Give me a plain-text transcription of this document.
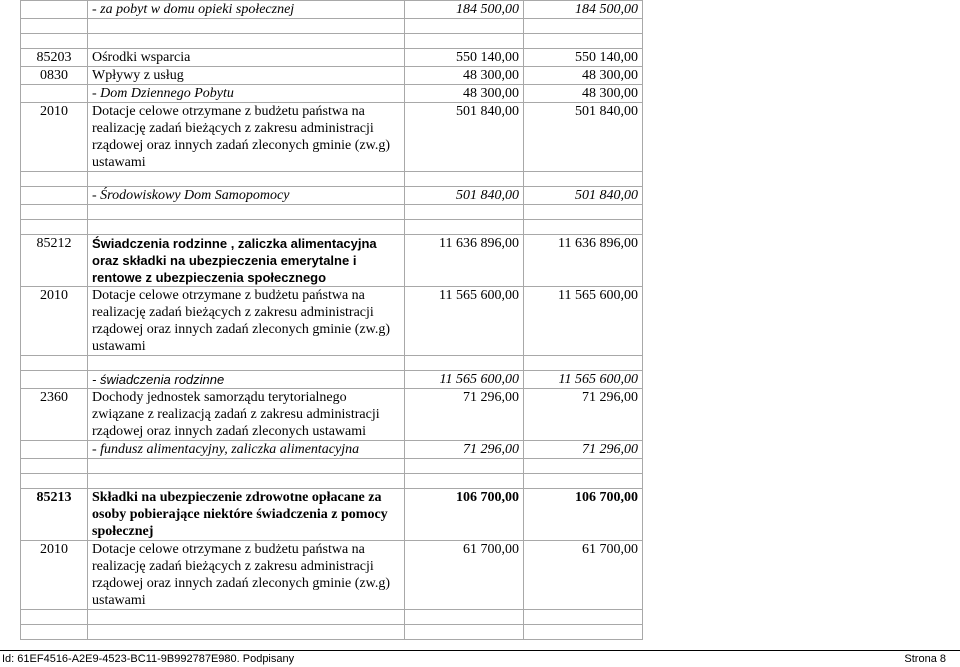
	- za pobyt w domu opieki społecznej	184 500,00	184 500,00

85203	Ośrodki wsparcia	550 140,00	550 140,00
0830	Wpływy z usług	48 300,00	48 300,00
	- Dom Dziennego Pobytu	48 300,00	48 300,00
2010	Dotacje celowe otrzymane z budżetu państwa na realizację zadań bieżących z zakresu administracji rządowej oraz innych zadań zleconych gminie (zw.g) ustawami	501 840,00	501 840,00

	- Środowiskowy Dom Samopomocy	501 840,00	501 840,00

85212	Świadczenia rodzinne , zaliczka alimentacyjna oraz składki na ubezpieczenia emerytalne i rentowe z ubezpieczenia społecznego	11 636 896,00	11 636 896,00
2010	Dotacje celowe otrzymane z budżetu państwa na realizację zadań bieżących z zakresu administracji rządowej oraz innych zadań zleconych gminie (zw.g) ustawami	11 565 600,00	11 565 600,00

	- świadczenia rodzinne	11 565 600,00	11 565 600,00
2360	Dochody jednostek samorządu terytorialnego związane z realizacją zadań z zakresu administracji rządowej oraz innych zadań zleconych ustawami	71 296,00	71 296,00
	- fundusz alimentacyjny, zaliczka alimentacyjna	71 296,00	71 296,00

85213	Składki na ubezpieczenie zdrowotne opłacane za osoby pobierające niektóre świadczenia z pomocy społecznej	106 700,00	106 700,00
2010	Dotacje celowe otrzymane z budżetu państwa na realizację zadań bieżących z zakresu administracji rządowej oraz innych zadań zleconych gminie (zw.g) ustawami	61 700,00	61 700,00

Id: 61EF4516-A2E9-4523-BC11-9B992787E980. Podpisany	Strona 8
